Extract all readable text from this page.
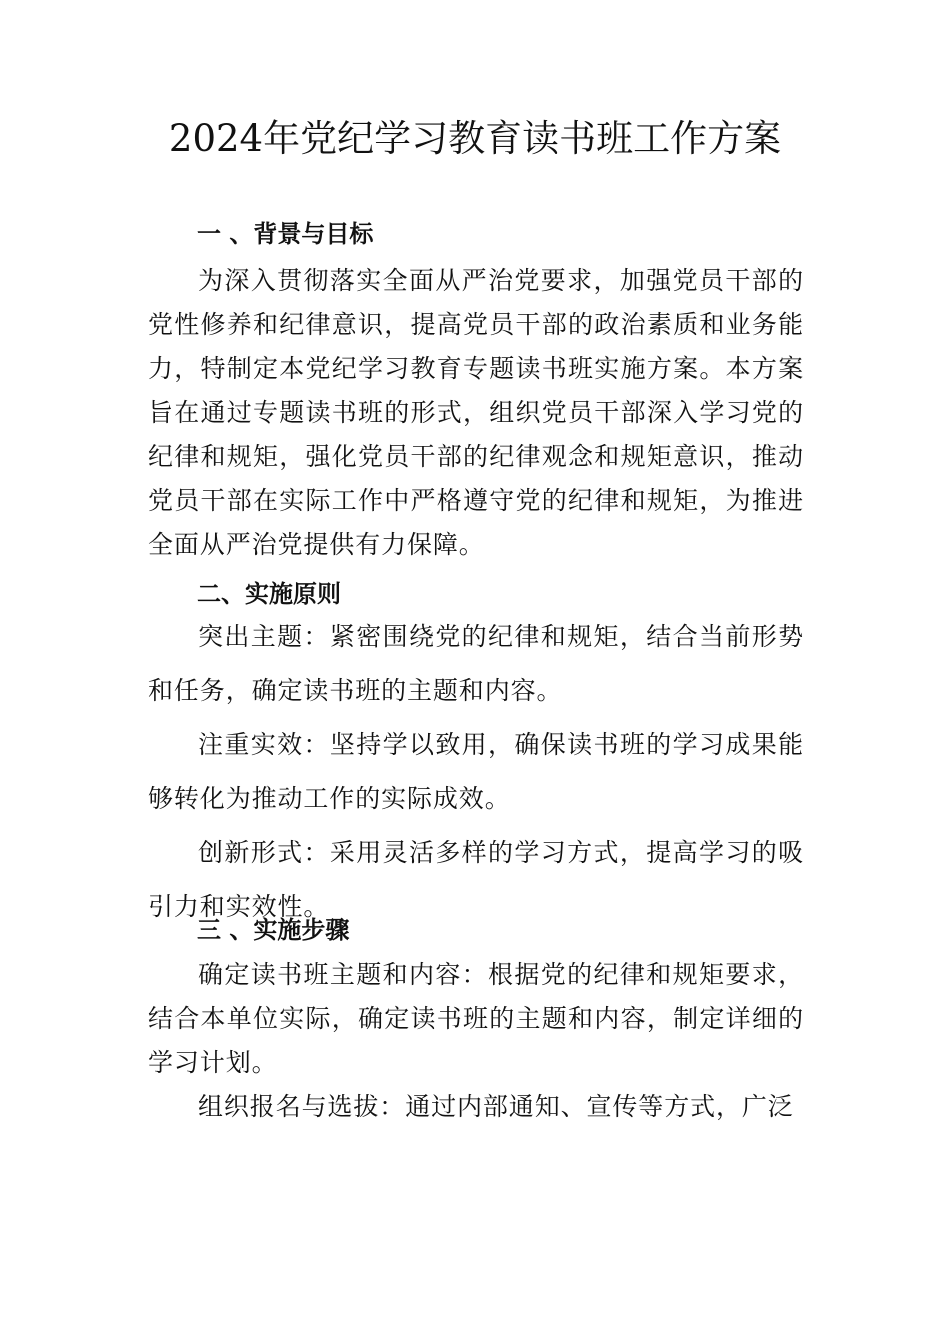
2024年党纪学习教育读书班工作方案
一 、背景与目标

为深入贯彻落实全面从严治党要求，加强党员干部的党性修养和纪律意识，提高党员干部的政治素质和业务能力，特制定本党纪学习教育专题读书班实施方案。本方案旨在通过专题读书班的形式，组织党员干部深入学习党的纪律和规矩，强化党员干部的纪律观念和规矩意识，推动党员干部在实际工作中严格遵守党的纪律和规矩，为推进全面从严治党提供有力保障。

二、实施原则

突出主题：紧密围绕党的纪律和规矩，结合当前形势和任务，确定读书班的主题和内容。

注重实效：坚持学以致用，确保读书班的学习成果能够转化为推动工作的实际成效。

创新形式：采用灵活多样的学习方式，提高学习的吸 引力和实效性。

三 、实施步骤

确定读书班主题和内容：根据党的纪律和规矩要求，结合本单位实际，确定读书班的主题和内容，制定详细的学习计划。

组织报名与选拔：通过内部通知、宣传等方式，广泛
